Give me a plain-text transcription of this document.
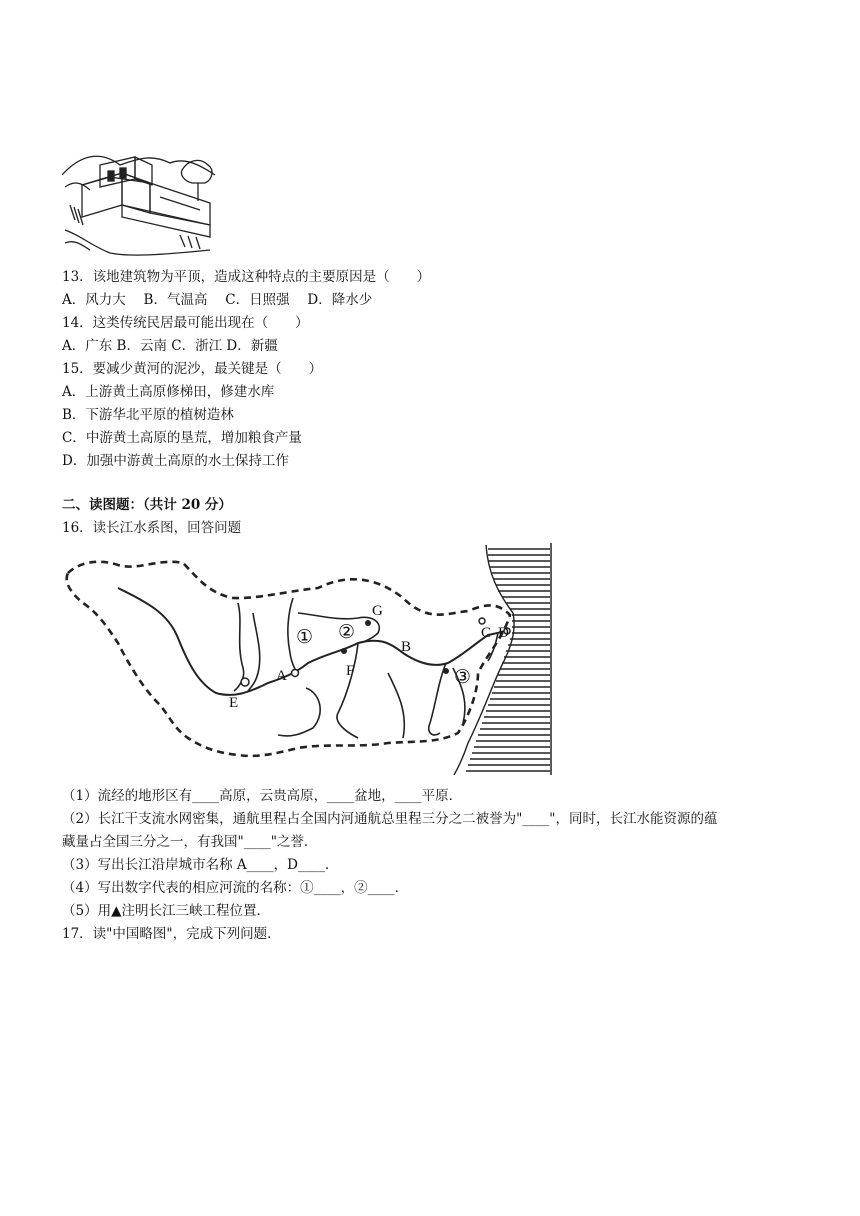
13．该地建筑物为平顶，造成这种特点的主要原因是（　　）
A．风力大　 B．气温高　 C．日照强　 D．降水少
14．这类传统民居最可能出现在（　　）
A．广东 B．云南 C．浙江 D．新疆
15．要减少黄河的泥沙，最关键是（　　）
A．上游黄土高原修梯田，修建水库
B．下游华北平原的植树造林
C．中游黄土高原的垦荒，增加粮食产量
D．加强中游黄土高原的水土保持工作
二、读图题：（共计 20 分）
16．读长江水系图，回答问题
A
B
C D
E
F
G
① ②
③
（1）流经的地形区有____高原，云贵高原，____盆地，____平原．
（2）长江干支流水网密集，通航里程占全国内河通航总里程三分之二被誉为"____"，同时，长江水能资源的蕴
藏量占全国三分之一，有我国"____"之誉．
（3）写出长江沿岸城市名称 A____，D____．
（4）写出数字代表的相应河流的名称：①____，②____．
（5）用▲注明长江三峡工程位置．
17．读"中国略图"，完成下列问题．
